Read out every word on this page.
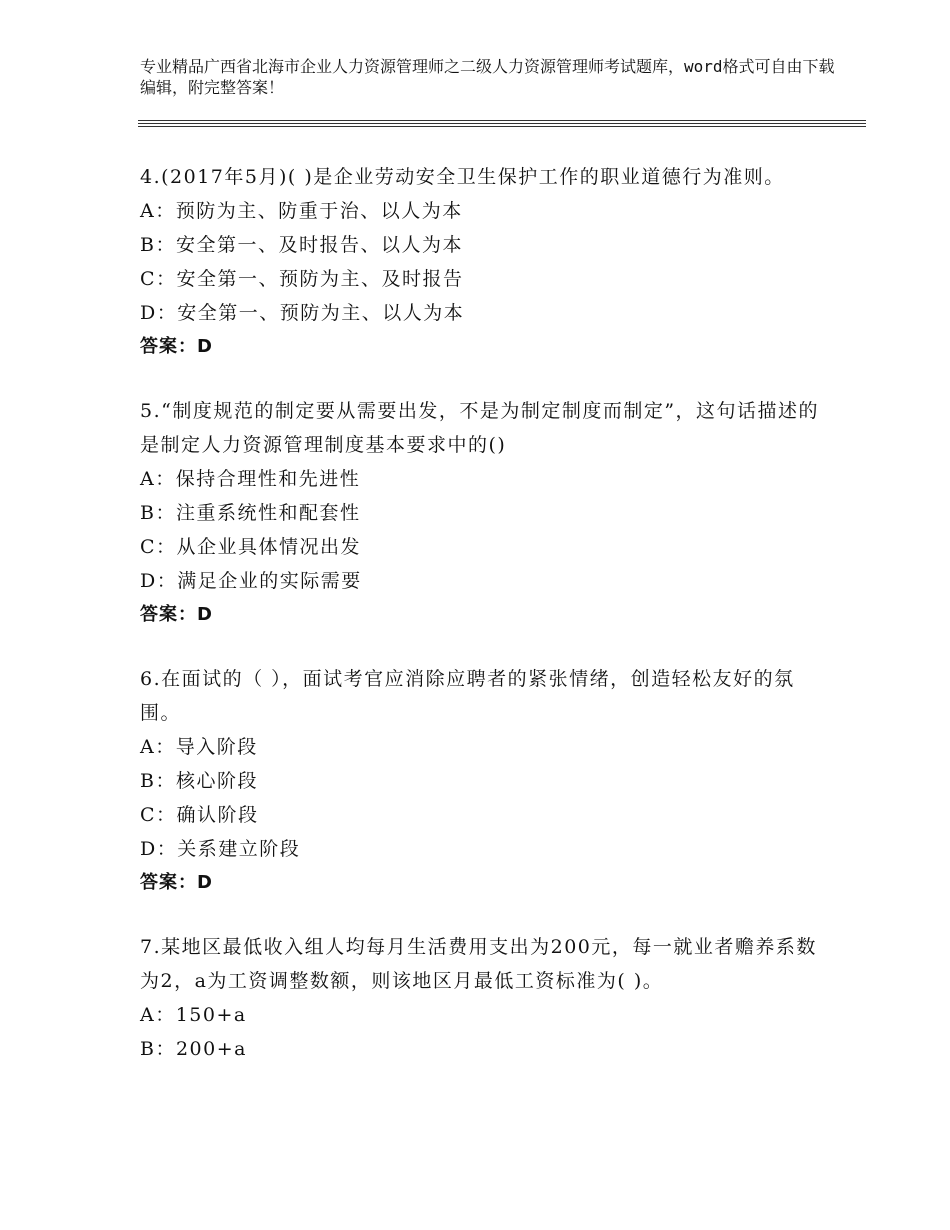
专业精品广西省北海市企业人力资源管理师之二级人力资源管理师考试题库，word格式可自由下载编辑，附完整答案！
4.(2017年5月)( )是企业劳动安全卫生保护工作的职业道德行为准则。
A：预防为主、防重于治、以人为本
B：安全第一、及时报告、以人为本
C：安全第一、预防为主、及时报告
D：安全第一、预防为主、以人为本
答案：D
5.“制度规范的制定要从需要出发，不是为制定制度而制定”，这句话描述的是制定人力资源管理制度基本要求中的()
A：保持合理性和先进性
B：注重系统性和配套性
C：从企业具体情况出发
D：满足企业的实际需要
答案：D
6.在面试的（ ），面试考官应消除应聘者的紧张情绪，创造轻松友好的氛围。
A：导入阶段
B：核心阶段
C：确认阶段
D：关系建立阶段
答案：D
7.某地区最低收入组人均每月生活费用支出为200元，每一就业者赡养系数为2，a为工资调整数额，则该地区月最低工资标准为( )。
A：150+a
B：200+a
